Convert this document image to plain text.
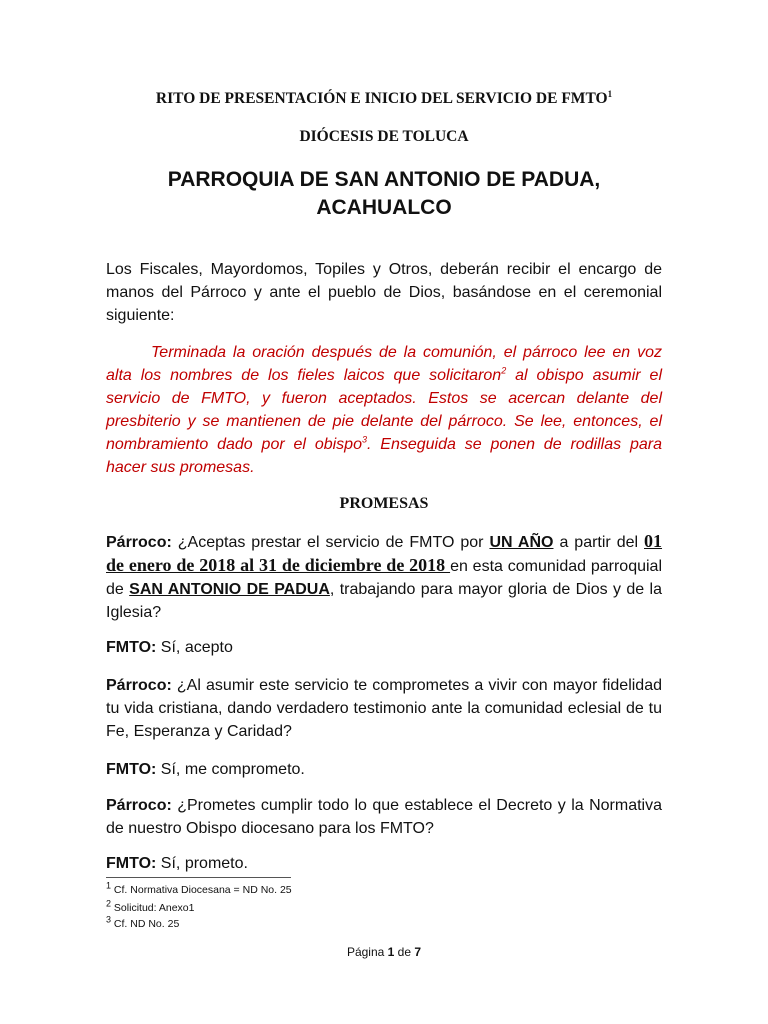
RITO DE PRESENTACIÓN E INICIO DEL SERVICIO DE FMTO$^1$
DIÓCESIS DE TOLUCA
PARROQUIA DE SAN ANTONIO DE PADUA,
ACAHUALCO

Los Fiscales, Mayordomos, Topiles y Otros, deberán recibir el encargo de manos del Párroco y ante el pueblo de Dios, basándose en el ceremonial siguiente:

Terminada la oración después de la comunión, el párroco lee en voz alta los nombres de los fieles laicos que solicitaron$^2$ al obispo asumir el servicio de FMTO, y fueron aceptados. Estos se acercan delante del presbiterio y se mantienen de pie delante del párroco. Se lee, entonces, el nombramiento dado por el obispo$^3$. Enseguida se ponen de rodillas para hacer sus promesas.

PROMESAS

Párroco: ¿Aceptas prestar el servicio de FMTO por UN AÑO a partir del 01 de enero de 2018 al 31 de diciembre de 2018 en esta comunidad parroquial de SAN ANTONIO DE PADUA, trabajando para mayor gloria de Dios y de la Iglesia?

FMTO: Sí, acepto

Párroco: ¿Al asumir este servicio te comprometes a vivir con mayor fidelidad tu vida cristiana, dando verdadero testimonio ante la comunidad eclesial de tu Fe, Esperanza y Caridad?

FMTO: Sí, me comprometo.

Párroco: ¿Prometes cumplir todo lo que establece el Decreto y la Normativa de nuestro Obispo diocesano para los FMTO?

FMTO: Sí, prometo.

$^1$ Cf. Normativa Diocesana = ND No. 25
$^2$ Solicitud: Anexo1
$^3$ Cf. ND No. 25
Página 1 de 7
